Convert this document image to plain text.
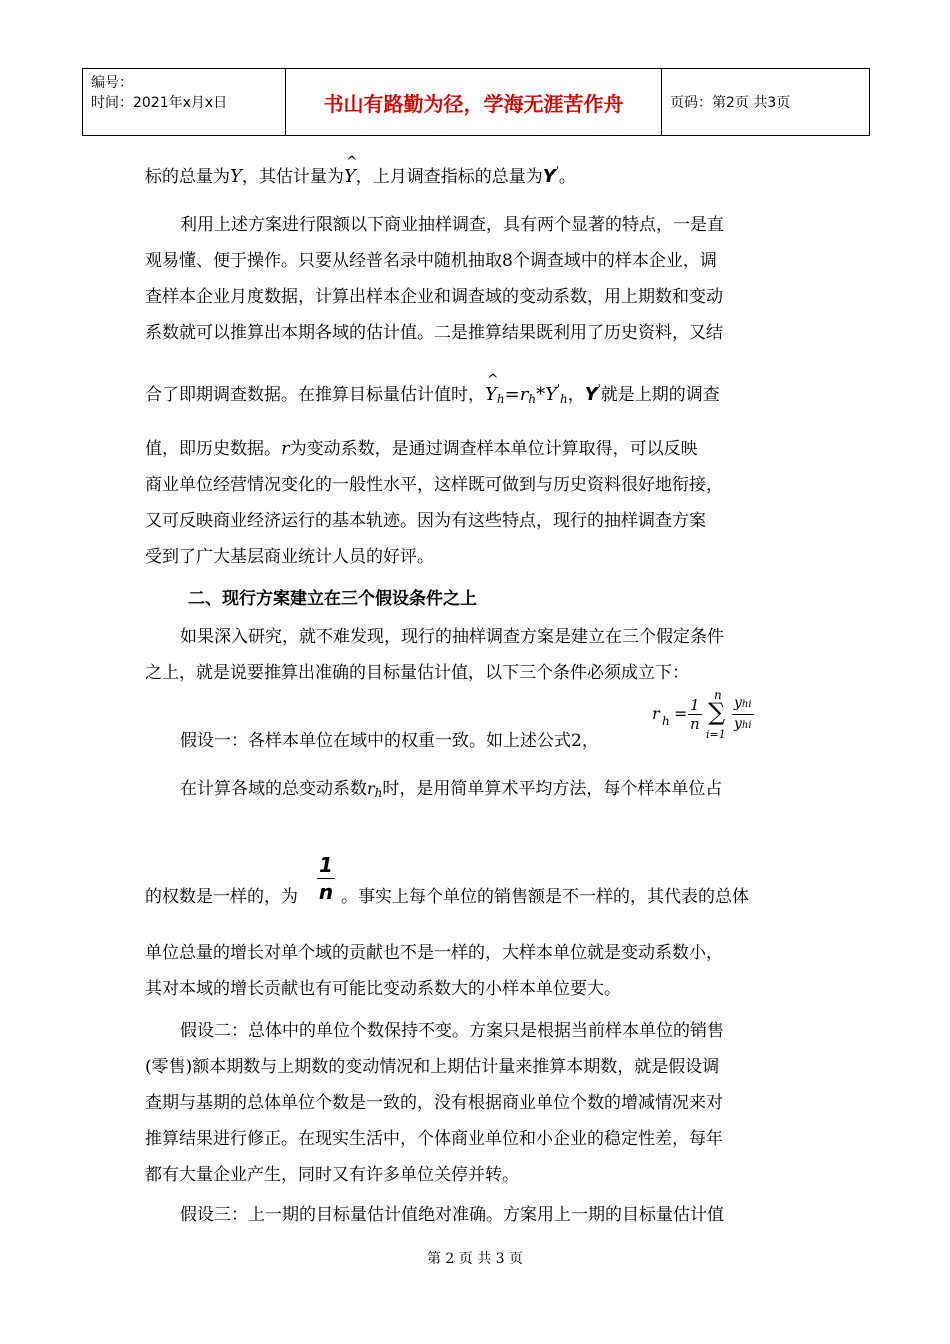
编号：
时间：2021年x月x日	书山有路勤为径，学海无涯苦作舟	页码：第2页 共3页
标的总量为Y，其估计量为^ Y，上月调查指标的总量为Y'。
利用上述方案进行限额以下商业抽样调查，具有两个显著的特点，一是直
观易懂、便于操作。只要从经普名录中随机抽取8个调查域中的样本企业，调
查样本企业月度数据，计算出样本企业和调查域的变动系数，用上期数和变动
系数就可以推算出本期各域的估计值。二是推算结果既利用了历史资料，又结
合了即期调查数据。在推算目标量估计值时，^ $Y_h=r_h*Y'_h$，Y'就是上期的调查
值，即历史数据。r为变动系数，是通过调查样本单位计算取得，可以反映
商业单位经营情况变化的一般性水平，这样既可做到与历史资料很好地衔接，
又可反映商业经济运行的基本轨迹。因为有这些特点，现行的抽样调查方案
受到了广大基层商业统计人员的好评。
二、现行方案建立在三个假设条件之上
如果深入研究，就不难发现，现行的抽样调查方案是建立在三个假定条件
之上，就是说要推算出准确的目标量估计值，以下三个条件必须成立下：
假设一：各样本单位在域中的权重一致。如上述公式2，
r $h = \frac{1}{n}$
n
∑
i=1
yhi
yhi
在计算各域的总变动系数$r_h$时，是用简单算术平均方法，每个样本单位占
的权数是一样的，为 $\frac{1}{n}$ 。事实上每个单位的销售额是不一样的，其代表的总体
单位总量的增长对单个域的贡献也不是一样的，大样本单位就是变动系数小，
其对本域的增长贡献也有可能比变动系数大的小样本单位要大。
假设二：总体中的单位个数保持不变。方案只是根据当前样本单位的销售
(零售)额本期数与上期数的变动情况和上期估计量来推算本期数，就是假设调
查期与基期的总体单位个数是一致的，没有根据商业单位个数的增减情况来对
推算结果进行修正。在现实生活中，个体商业单位和小企业的稳定性差，每年
都有大量企业产生，同时又有许多单位关停并转。
假设三：上一期的目标量估计值绝对准确。方案用上一期的目标量估计值
第 2 页 共 3 页
